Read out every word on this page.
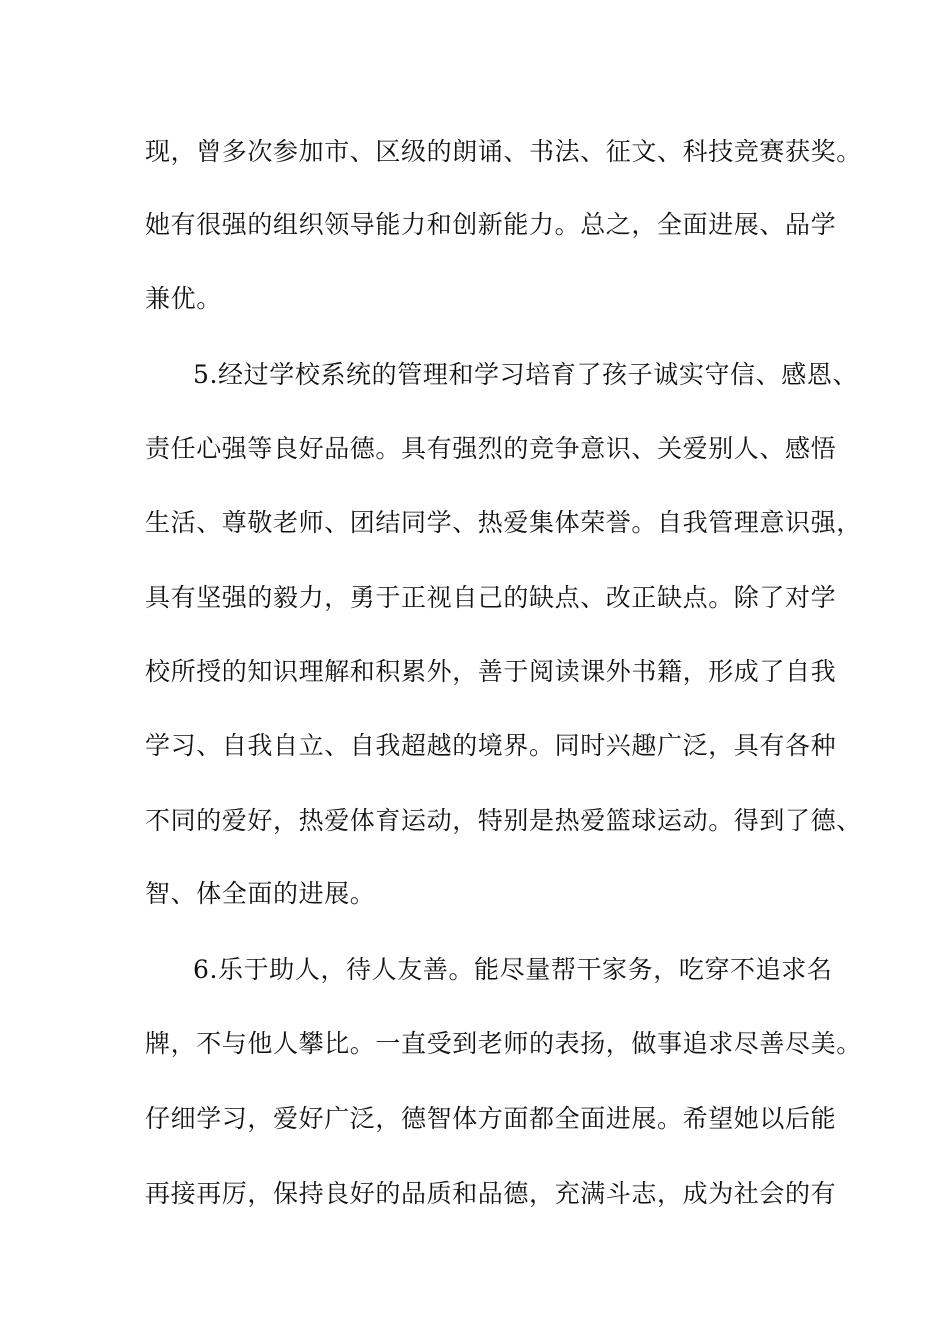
现，曾多次参加市、区级的朗诵、书法、征文、科技竞赛获奖。
她有很强的组织领导能力和创新能力。总之，全面进展、品学
兼优。
5.经过学校系统的管理和学习培育了孩子诚实守信、感恩、
责任心强等良好品德。具有强烈的竞争意识、关爱别人、感悟
生活、尊敬老师、团结同学、热爱集体荣誉。自我管理意识强，
具有坚强的毅力，勇于正视自己的缺点、改正缺点。除了对学
校所授的知识理解和积累外，善于阅读课外书籍，形成了自我
学习、自我自立、自我超越的境界。同时兴趣广泛，具有各种
不同的爱好，热爱体育运动，特别是热爱篮球运动。得到了德、
智、体全面的进展。
6.乐于助人，待人友善。能尽量帮干家务，吃穿不追求名
牌，不与他人攀比。一直受到老师的表扬，做事追求尽善尽美。
仔细学习，爱好广泛，德智体方面都全面进展。希望她以后能
再接再厉，保持良好的品质和品德，充满斗志，成为社会的有
